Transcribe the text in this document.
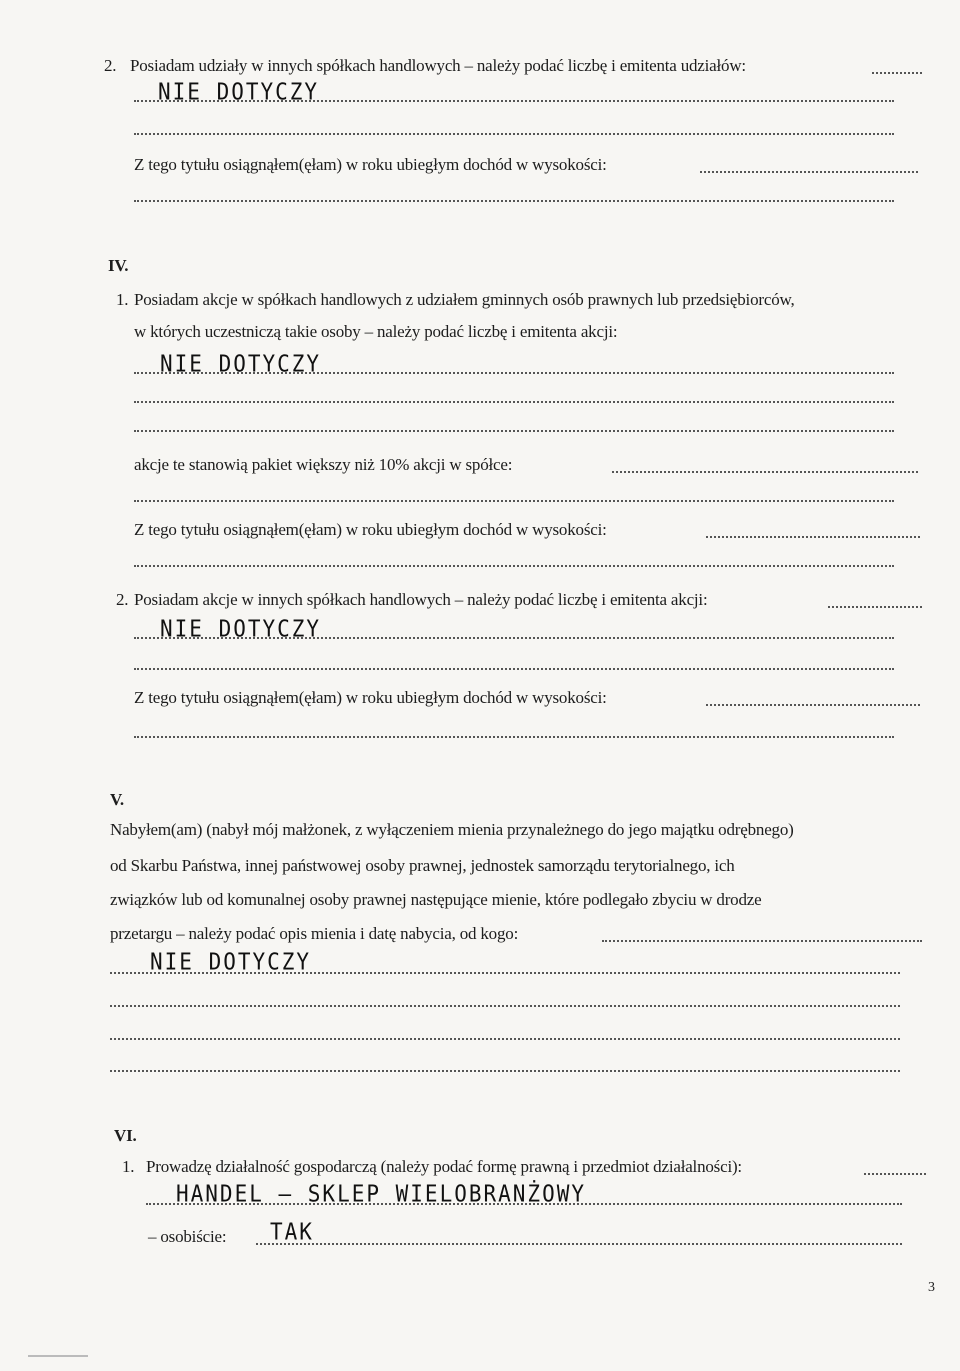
2. Posiadam udziały w innych spółkach handlowych – należy podać liczbę i emitenta udziałów:
NIE DOTYCZY
Z tego tytułu osiągnąłem(ęłam) w roku ubiegłym dochód w wysokości:
IV.
1. Posiadam akcje w spółkach handlowych z udziałem gminnych osób prawnych lub przedsiębiorców,
w których uczestniczą takie osoby – należy podać liczbę i emitenta akcji:
NIE DOTYCZY
akcje te stanowią pakiet większy niż 10% akcji w spółce:
Z tego tytułu osiągnąłem(ęłam) w roku ubiegłym dochód w wysokości:
2. Posiadam akcje w innych spółkach handlowych – należy podać liczbę i emitenta akcji:
NIE DOTYCZY
Z tego tytułu osiągnąłem(ęłam) w roku ubiegłym dochód w wysokości:
V.
Nabyłem(am) (nabył mój małżonek, z wyłączeniem mienia przynależnego do jego majątku odrębnego)
od Skarbu Państwa, innej państwowej osoby prawnej, jednostek samorządu terytorialnego, ich
związków lub od komunalnej osoby prawnej następujące mienie, które podlegało zbyciu w drodze
przetargu – należy podać opis mienia i datę nabycia, od kogo:
NIE DOTYCZY
VI.
1. Prowadzę działalność gospodarczą (należy podać formę prawną i przedmiot działalności):
HANDEL – SKLEP WIELOBRANŻOWY
– osobiście: TAK
3
